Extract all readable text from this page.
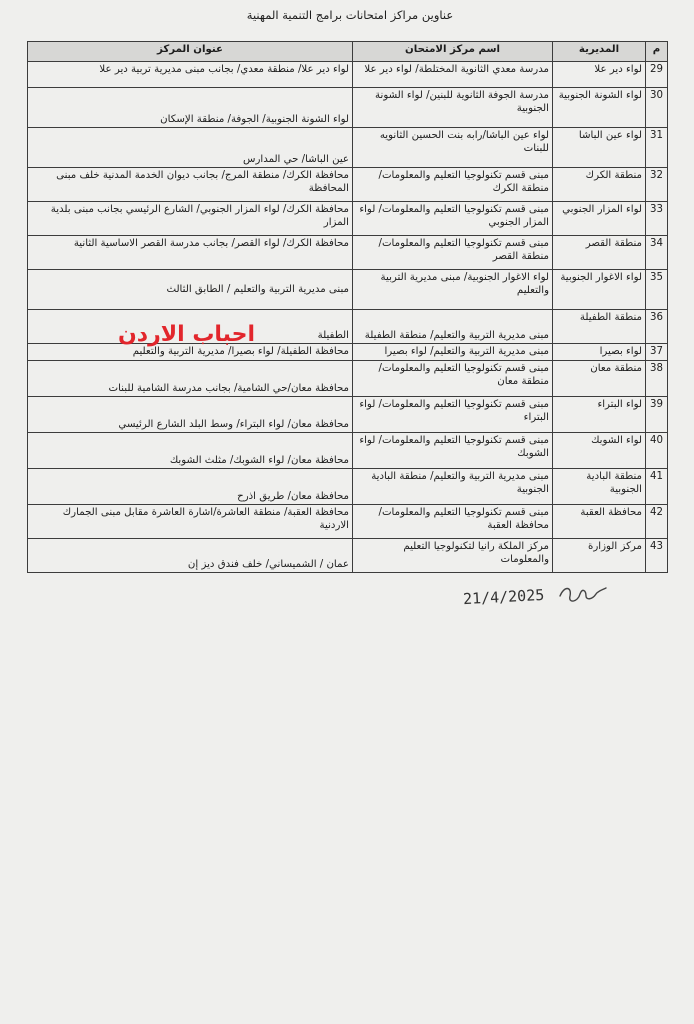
عناوين مراكز امتحانات برامج التنمية المهنية
م	المديرية	اسم مركز الامتحان	عنوان المركز
29	لواء دير علا	مدرسة معدي الثانوية المختلطة/ لواء دير علا	لواء دير علا/ منطقة معدي/ بجانب مبنى مديرية تربية دير علا
30	لواء الشونة الجنوبية	مدرسة الجوفة الثانوية للبنين/ لواء الشونة الجنوبية	لواء الشونة الجنوبية/ الجوفة/ منطقة الإسكان
31	لواء عين الباشا	لواء عين الباشا/رابه بنت الحسين الثانويه للبنات	عين الباشا/ حي المدارس
32	منطقة الكرك	مبنى قسم تكنولوجيا التعليم والمعلومات/ منطقة الكرك	محافظة الكرك/ منطقة المرج/ بجانب ديوان الخدمة المدنية خلف مبنى المحافظة
33	لواء المزار الجنوبي	مبنى قسم تكنولوجيا التعليم والمعلومات/ لواء المزار الجنوبي	محافظة الكرك/ لواء المزار الجنوبي/ الشارع الرئيسي بجانب مبنى بلدية المزار
34	منطقة القصر	مبنى قسم تكنولوجيا التعليم والمعلومات/ منطقة القصر	محافظة الكرك/ لواء القصر/ بجانب مدرسة القصر الاساسية الثانية
35	لواء الاغوار الجنوبية	لواء الاغوار الجنوبية/ مبنى مديرية التربية والتعليم	مبنى مديرية التربية والتعليم / الطابق الثالث
36	منطقة الطفيلة	مبنى مديرية التربية والتعليم/ منطقة الطفيلة	الطفيلة
37	لواء بصيرا	مبنى مديرية التربية والتعليم/ لواء بصيرا	محافظة الطفيلة/ لواء بصيرا/ مديرية التربية والتعليم
38	منطقة معان	مبنى قسم تكنولوجيا التعليم والمعلومات/ منطقة معان	محافظة معان/حي الشامية/ بجانب مدرسة الشامية للبنات
39	لواء البتراء	مبنى قسم تكنولوجيا التعليم والمعلومات/ لواء البتراء	محافظة معان/ لواء البتراء/ وسط البلد الشارع الرئيسي
40	لواء الشوبك	مبنى قسم تكنولوجيا التعليم والمعلومات/ لواء الشوبك	محافظة معان/ لواء الشوبك/ مثلث الشوبك
41	منطقة البادية الجنوبية	مبنى مديرية التربية والتعليم/ منطقة البادية الجنوبية	محافظة معان/ طريق اذرح
42	محافظة العقبة	مبنى قسم تكنولوجيا التعليم والمعلومات/ محافظة العقبة	محافظة العقبة/ منطقة العاشرة/اشارة العاشرة مقابل مبنى الجمارك الاردنية
43	مركز الوزارة	مركز الملكة رانيا لتكنولوجيا التعليم والمعلومات	عمان / الشميساني/ خلف فندق ديز إن
احباب الاردن
21/4/2025
